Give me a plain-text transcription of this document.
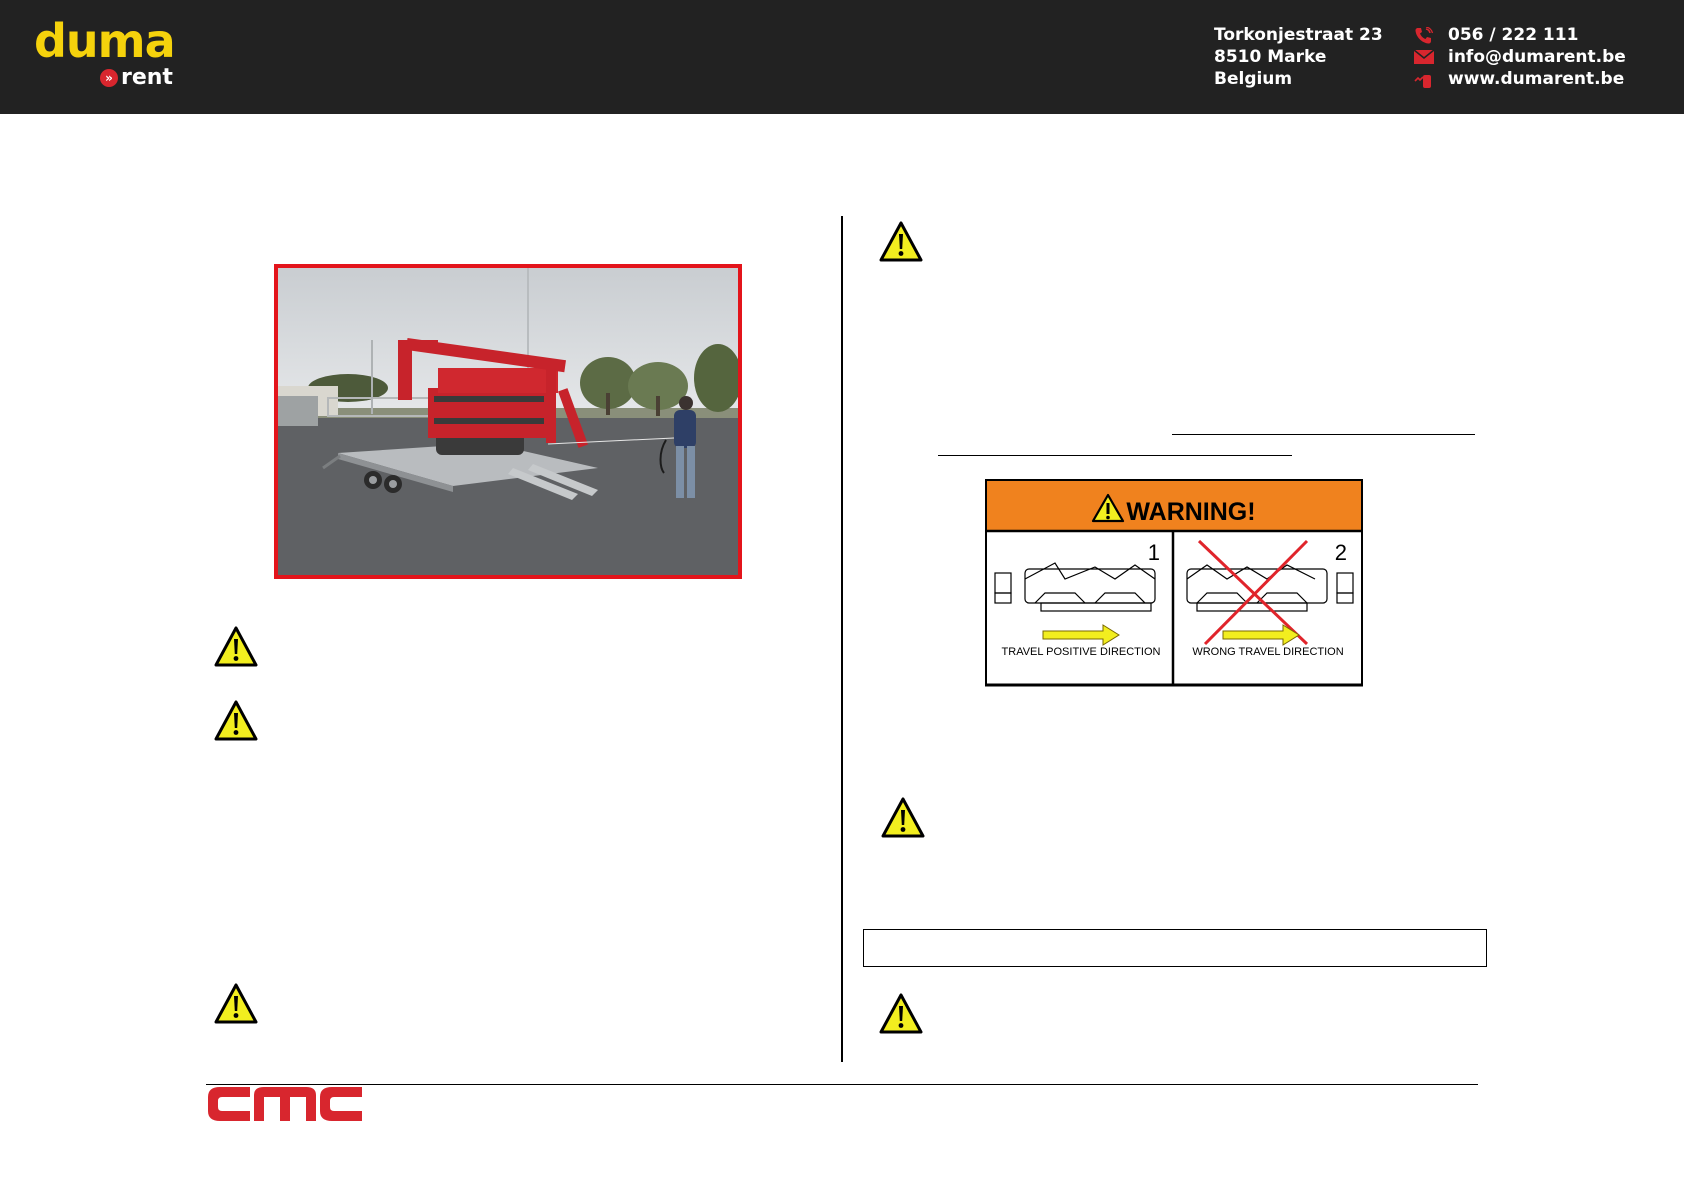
duma
» rent
Torkonjestraat 23
8510 Marke
Belgium
056 / 222 111
info@dumarent.be
www.dumarent.be
WARNING!
1
TRAVEL POSITIVE DIRECTION
2
WRONG TRAVEL DIRECTION
